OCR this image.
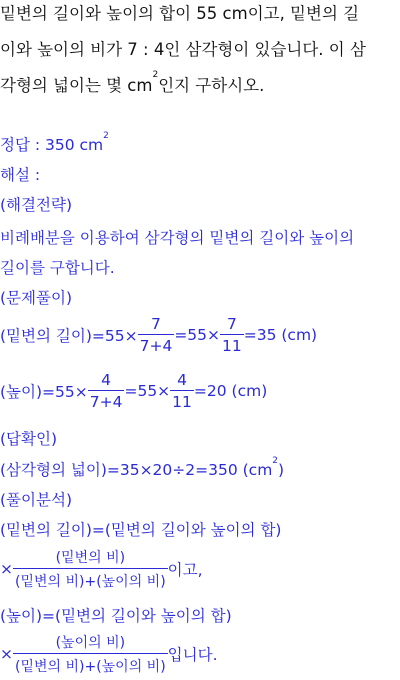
밑변의 길이와 높이의 합이 55 cm이고, 밑변의 길
이와 높이의 비가 7 : 4인 삼각형이 있습니다. 이 삼
각형의 넓이는 몇 $cm^2$인지 구하시오.
정답 : 350 $cm^2$
해설 :
(해결전략)
비례배분을 이용하여 삼각형의 밑변의 길이와 높이의
길이를 구합니다.
(문제풀이)
(밑변의 길이)$=55\times \frac{7}{7+4} =55\times \frac{7}{11} =35$ (cm)
(높이)$=55\times \frac{4}{7+4} =55\times \frac{4}{11} =20$ (cm)
(답확인)
(삼각형의 넓이)=35×20÷2=350 $(cm^2)$
(풀이분석)
(밑변의 길이)=(밑변의 길이와 높이의 합)
× $\frac{\text{(밑변의 비)}}{\text{(밑변의 비)+(높이의 비)}}$ 이고,
(높이)=(밑변의 길이와 높이의 합)
× $\frac{\text{(높이의 비)}}{\text{(밑변의 비)+(높이의 비)}}$ 입니다.
